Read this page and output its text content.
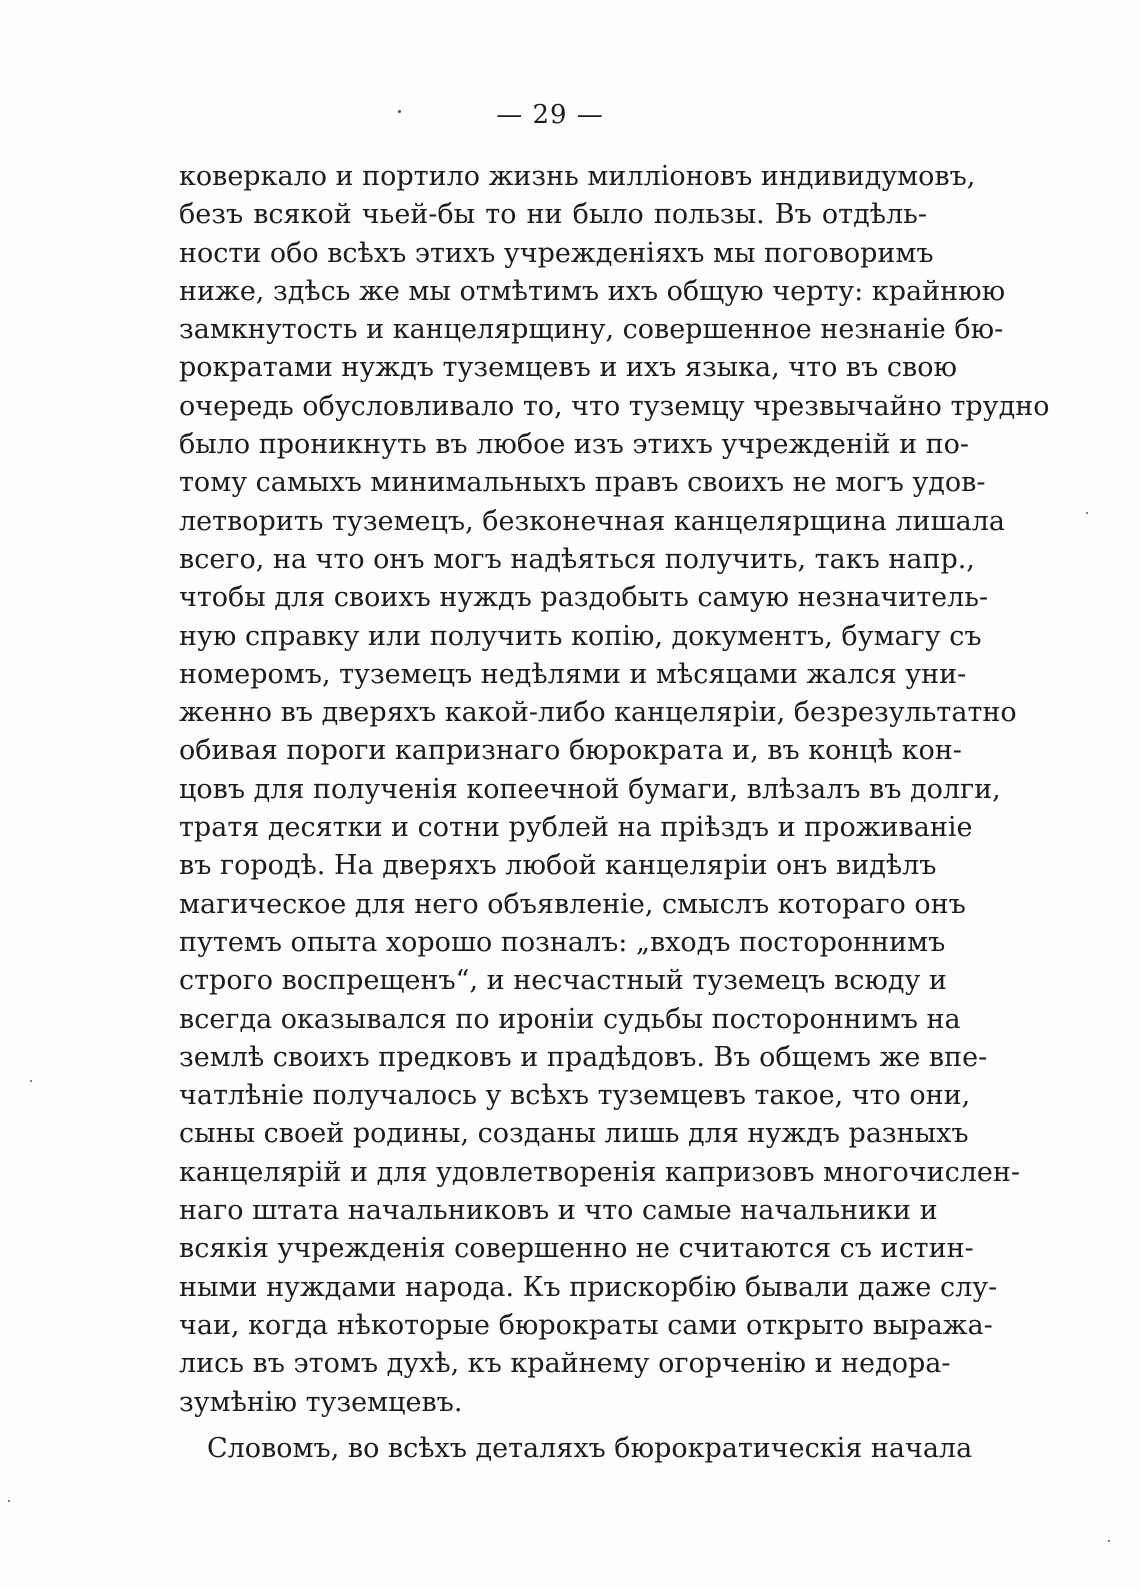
— 29 —
коверкало и портило жизнь милліоновъ индивидумовъ,
безъ всякой чьей-бы то ни было пользы. Въ отдѣль-
ности обо всѣхъ этихъ учрежденіяхъ мы поговоримъ
ниже, здѣсь же мы отмѣтимъ ихъ общую черту: крайнюю
замкнутость и канцелярщину, совершенное незнаніе бю-
рократами нуждъ туземцевъ и ихъ языка, что въ свою
очередь обусловливало то, что туземцу чрезвычайно трудно
было проникнуть въ любое изъ этихъ учрежденій и по-
тому самыхъ минимальныхъ правъ своихъ не могъ удов-
летворить туземецъ, безконечная канцелярщина лишала
всего, на что онъ могъ надѣяться получить, такъ напр.,
чтобы для своихъ нуждъ раздобыть самую незначитель-
ную справку или получить копію, документъ, бумагу съ
номеромъ, туземецъ недѣлями и мѣсяцами жался уни-
женно въ дверяхъ какой-либо канцеляріи, безрезультатно
обивая пороги капризнаго бюрократа и, въ концѣ кон-
цовъ для полученія копеечной бумаги, влѣзалъ въ долги,
тратя десятки и сотни рублей на пріѣздъ и проживаніе
въ городѣ. На дверяхъ любой канцеляріи онъ видѣлъ
магическое для него объявленіе, смыслъ котораго онъ
путемъ опыта хорошо позналъ: „входъ постороннимъ
строго воспрещенъ“, и несчастный туземецъ всюду и
всегда оказывался по ироніи судьбы постороннимъ на
землѣ своихъ предковъ и прадѣдовъ. Въ общемъ же впе-
чатлѣніе получалось у всѣхъ туземцевъ такое, что они,
сыны своей родины, созданы лишь для нуждъ разныхъ
канцелярій и для удовлетворенія капризовъ многочислен-
наго штата начальниковъ и что самые начальники и
всякія учрежденія совершенно не считаются съ истин-
ными нуждами народа. Къ прискорбію бывали даже слу-
чаи, когда нѣкоторые бюрократы сами открыто выража-
лись въ этомъ духѣ, къ крайнему огорченію и недора-
зумѣнію туземцевъ.
Словомъ, во всѣхъ деталяхъ бюрократическія начала
